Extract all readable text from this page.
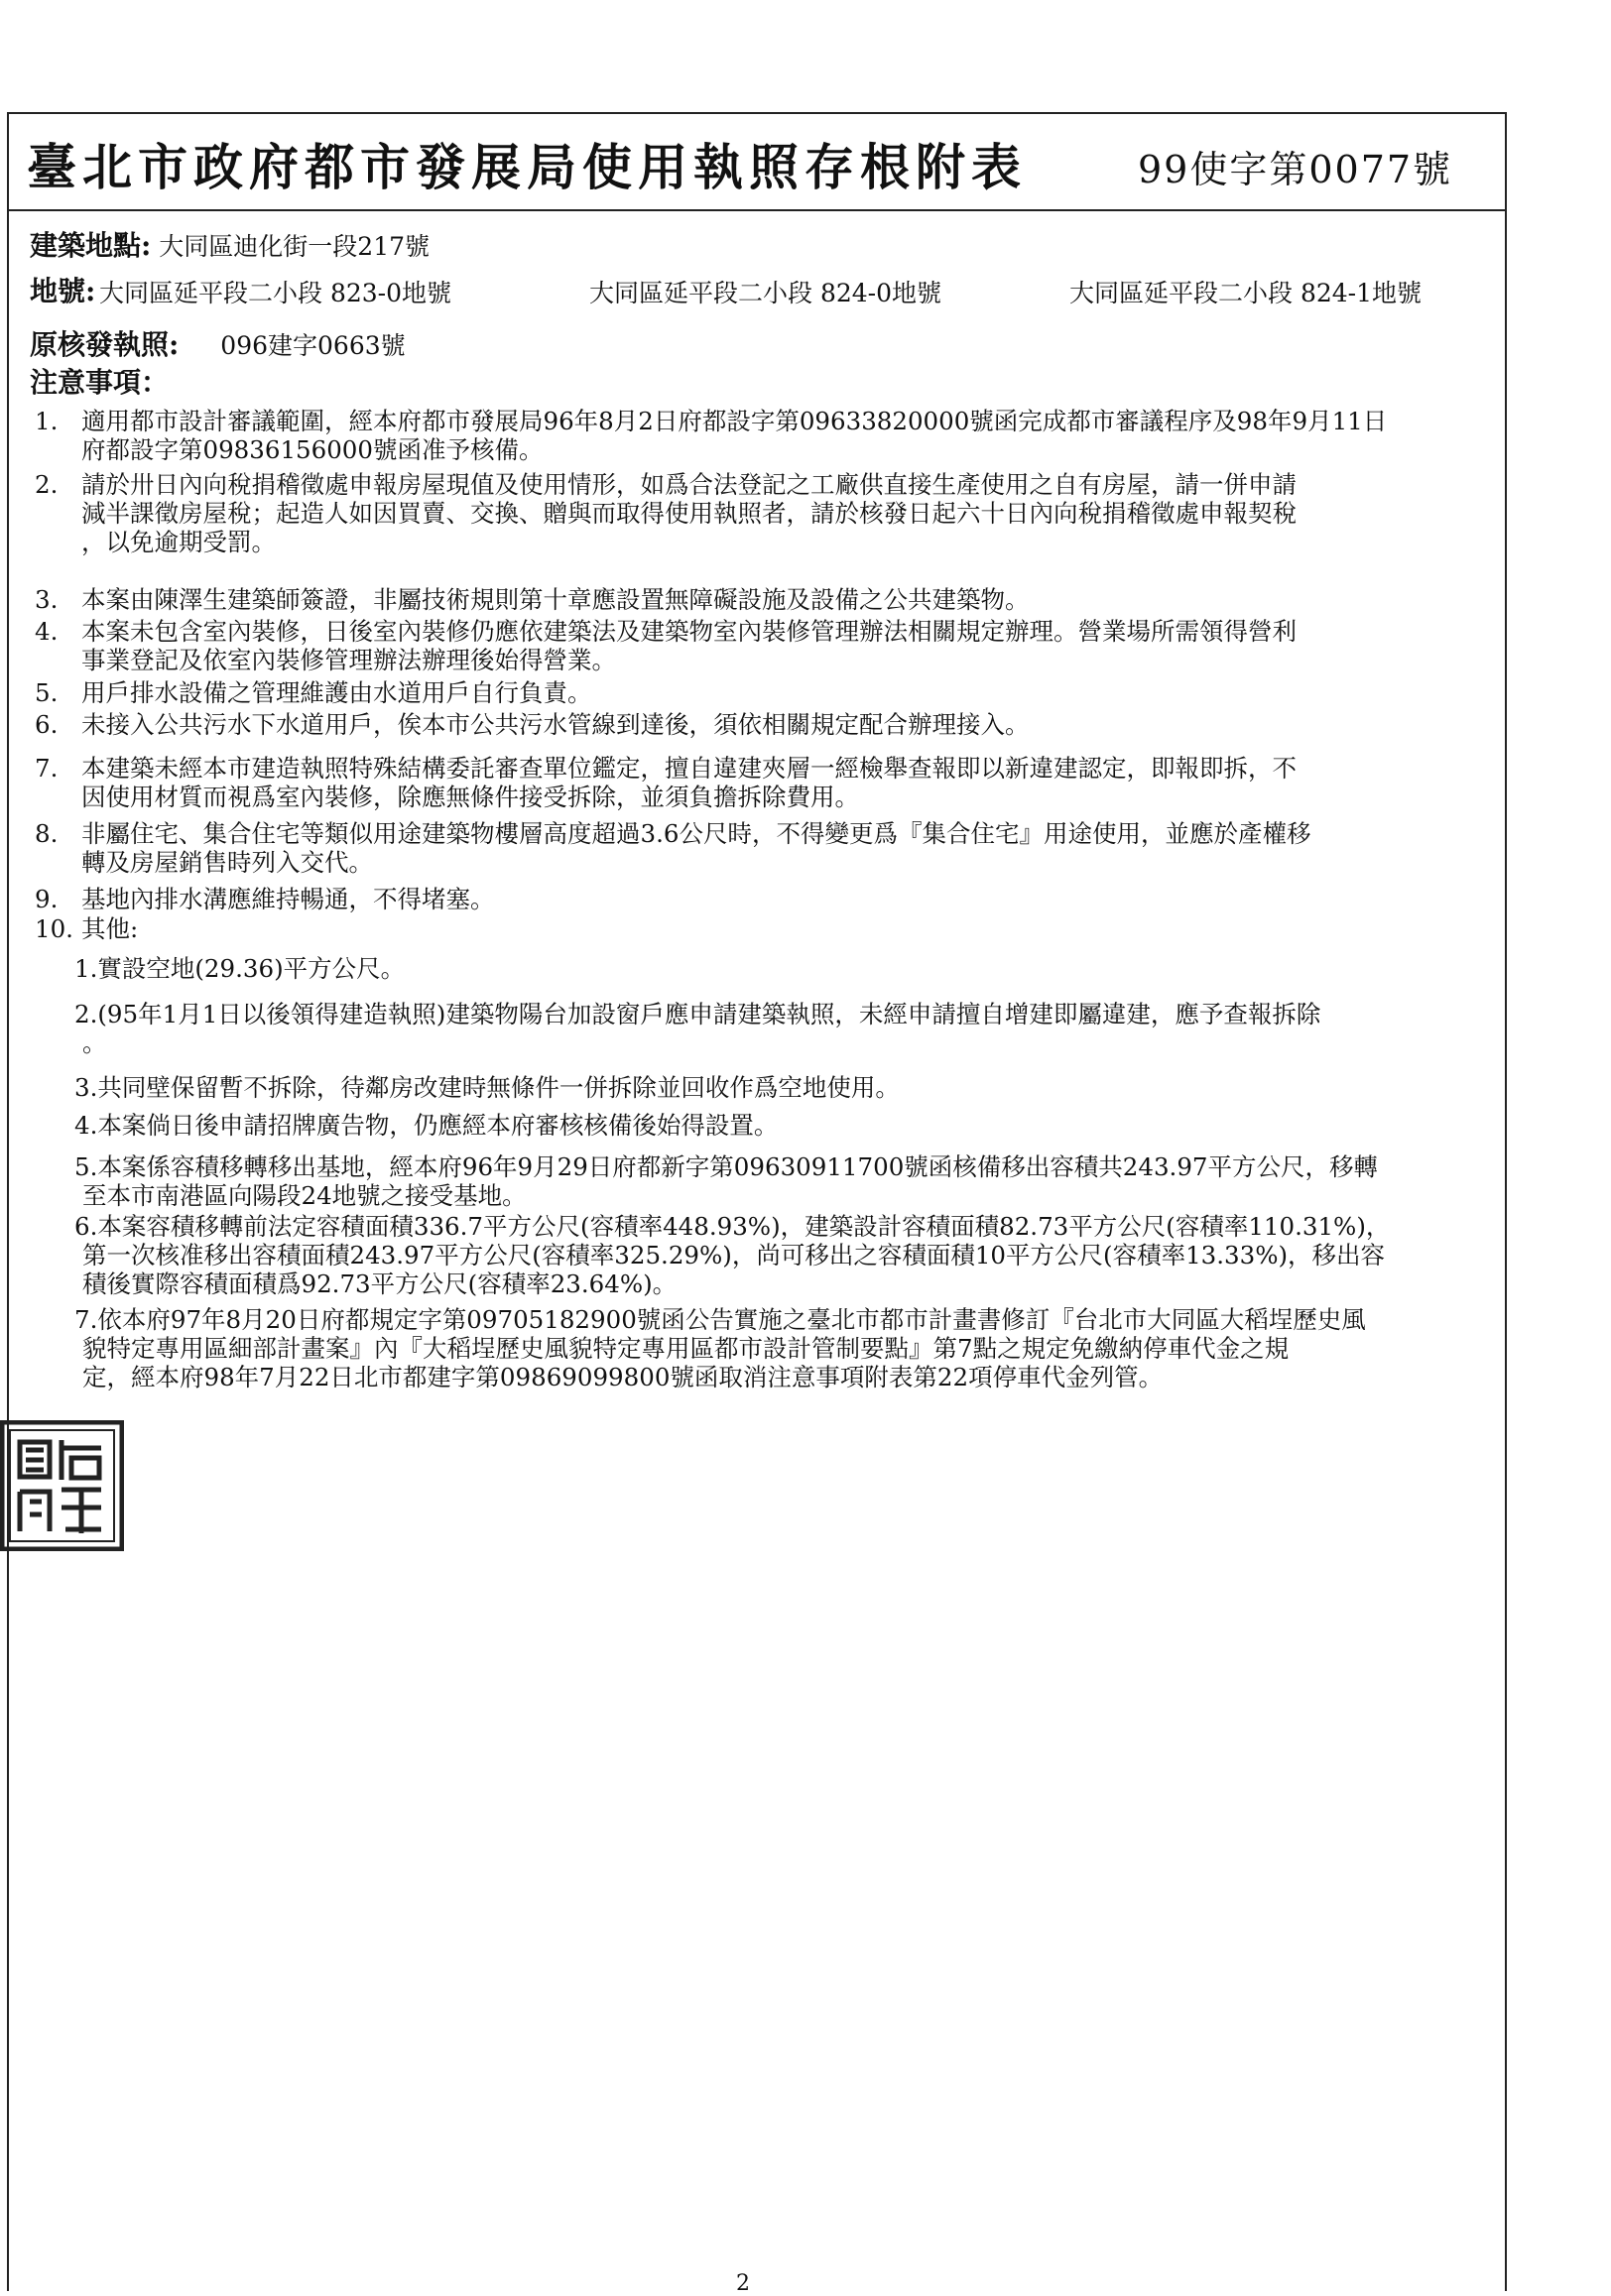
臺北市政府都市發展局使用執照存根附表	99使字第0077號
建築地點: 大同區迪化街一段217號
地號: 大同區延平段二小段 823-0地號	大同區延平段二小段 824-0地號	大同區延平段二小段 824-1地號
原核發執照: 096建字0663號
注意事項：
1. 適用都市設計審議範圍，經本府都市發展局96年8月2日府都設字第09633820000號函完成都市審議程序及98年9月11日
府都設字第09836156000號函准予核備。
2. 請於卅日內向稅捐稽徵處申報房屋現值及使用情形，如爲合法登記之工廠供直接生產使用之自有房屋，請一併申請
減半課徵房屋稅；起造人如因買賣、交換、贈與而取得使用執照者，請於核發日起六十日內向稅捐稽徵處申報契稅
，以免逾期受罰。
3. 本案由陳澤生建築師簽證，非屬技術規則第十章應設置無障礙設施及設備之公共建築物。
4. 本案未包含室內裝修，日後室內裝修仍應依建築法及建築物室內裝修管理辦法相關規定辦理。營業場所需領得營利
事業登記及依室內裝修管理辦法辦理後始得營業。
5. 用戶排水設備之管理維護由水道用戶自行負責。
6. 未接入公共污水下水道用戶，俟本市公共污水管線到達後，須依相關規定配合辦理接入。
7. 本建築未經本市建造執照特殊結構委託審查單位鑑定，擅自違建夾層一經檢舉查報即以新違建認定，即報即拆，不
因使用材質而視爲室內裝修，除應無條件接受拆除，並須負擔拆除費用。
8. 非屬住宅、集合住宅等類似用途建築物樓層高度超過3.6公尺時，不得變更爲『集合住宅』用途使用，並應於產權移
轉及房屋銷售時列入交代。
9. 基地內排水溝應維持暢通，不得堵塞。
10. 其他:
1.實設空地(29.36)平方公尺。
2.(95年1月1日以後領得建造執照)建築物陽台加設窗戶應申請建築執照，未經申請擅自增建即屬違建，應予查報拆除
。
3.共同壁保留暫不拆除，待鄰房改建時無條件一併拆除並回收作爲空地使用。
4.本案倘日後申請招牌廣告物，仍應經本府審核核備後始得設置。
5.本案係容積移轉移出基地，經本府96年9月29日府都新字第09630911700號函核備移出容積共243.97平方公尺，移轉
至本市南港區向陽段24地號之接受基地。
6.本案容積移轉前法定容積面積336.7平方公尺(容積率448.93%)，建築設計容積面積82.73平方公尺(容積率110.31%)，
第一次核准移出容積面積243.97平方公尺(容積率325.29%)，尚可移出之容積面積10平方公尺(容積率13.33%)，移出容
積後實際容積面積爲92.73平方公尺(容積率23.64%)。
7.依本府97年8月20日府都規定字第09705182900號函公告實施之臺北市都市計畫書修訂『台北市大同區大稻埕歷史風
貌特定專用區細部計畫案』內『大稻埕歷史風貌特定專用區都市設計管制要點』第7點之規定免繳納停車代金之規
定，經本府98年7月22日北市都建字第09869099800號函取消注意事項附表第22項停車代金列管。
2
